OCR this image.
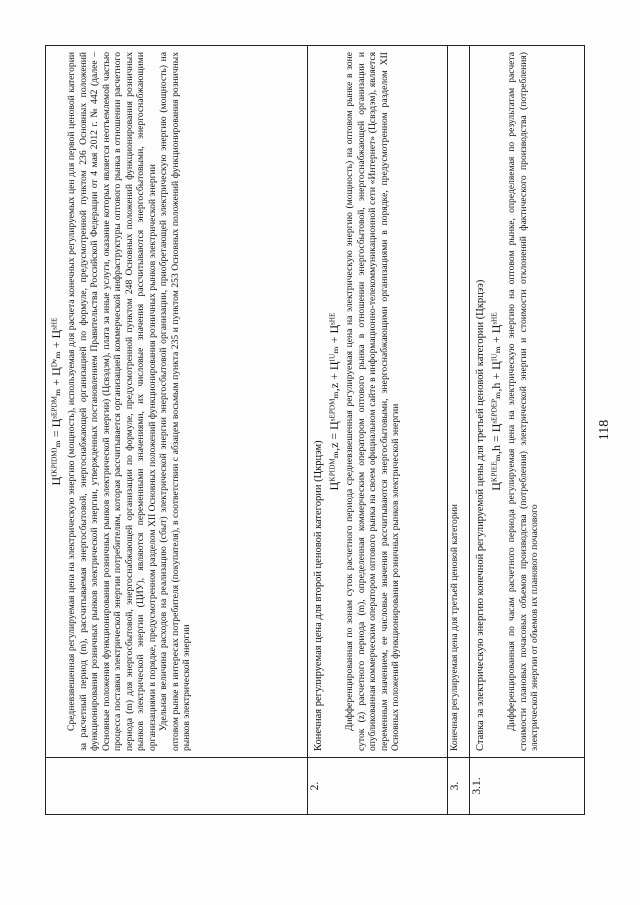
	Ц⁽ᴷᴾᴵᴰᴹ⁾ₘ = Цˢᴱᴾᴰᴹₘ + Цᴰᵛₘ + Цˢᴴᴱ Средневзвешенная регулируемая цена на электрическую энергию (мощность), используемая для расчета конечных регулируемых цен для первой ценовой категории за расчетный период (m), рассчитываемая энергосбытовой, энергоснабжающей организацией по формуле, предусмотренной пунктом 236 Основных положений функционирования розничных рынков электрической энергии, утвержденных постановлением Правительства Российской Федерации от 4 мая 2012 г. № 442 (далее – Основные положения функционирования розничных рынков электрической энергии) (Цсвэдэм), плата за иные услуги, оказание которых является неотъемлемой частью процесса поставки электрической энергии потребителям, которая рассчитывается организацией коммерческой инфраструктуры оптового рынка в отношении расчетного периода (m) для энергосбытовой, энергоснабжающей организации по формуле, предусмотренной пунктом 248 Основных положений функционирования розничных рынков электрической энергии (ЦИУ), являются переменными значениями, их числовые значения рассчитываются энергосбытовыми, энергоснабжающими организациями в порядке, предусмотренном разделом XII Основных положений функционирования розничных рынков электрической энергии Удельная величина расходов на реализацию (сбыт) электрической энергии энергосбытовой организации, приобретающей электрическую энергию (мощность) на оптовом рынке в интересах потребителя (покупателя), в соответствии с абзацем восьмым пункта 235 и пунктом 253 Основных положений функционирования розничных рынков электрической энергии

2.	Конечная регулируемая цена для второй ценовой категории (Цкрцэм)
Цᴷᴾᴵᴰᴹₘ,z = Цˢᴱᴾᴰᴹₘ,z + Цᴵᵁₘ + Цˢᴴᴱ Дифференцированная по зонам суток расчетного периода средневзвешенная регулируемая цена на электрическую энергию (мощность) на оптовом рынке в зоне суток (z) расчетного периода (m), определенная коммерческим оператором оптового рынка в отношении энергосбытовой, энергоснабжающей организации и опубликованная коммерческим оператором оптового рынка на своем официальном сайте в информационно-телекоммуникационной сети «Интернет» (Цсвэдэм), является переменным значением, ее числовые значения рассчитываются энергосбытовыми, энергоснабжающими организациями в порядке, предусмотренном разделом XII Основных положений функционирования розничных рынков электрической энергии

3.	Конечная регулируемая цена для третьей ценовой категории
3.1.	Ставка за электрическую энергию конечной регулируемой цены для третьей ценовой категории (Цкрцээ) Цᴷᴾᴵᴱᴱₘ,h = Цˢᴱᴾᴰᴱᴾₘ,h + Цᴵᵁₘ + Цˢᴴᴱ Дифференцированная по часам расчетного периода регулируемая цена на электрическую энергию на оптовом рынке, определяемая по результатам расчета стоимости плановых почасовых объемов производства (потребления) электрической энергии и стоимости отклонений фактического производства (потребления) электрической энергии от объемов их планового почасового

118
